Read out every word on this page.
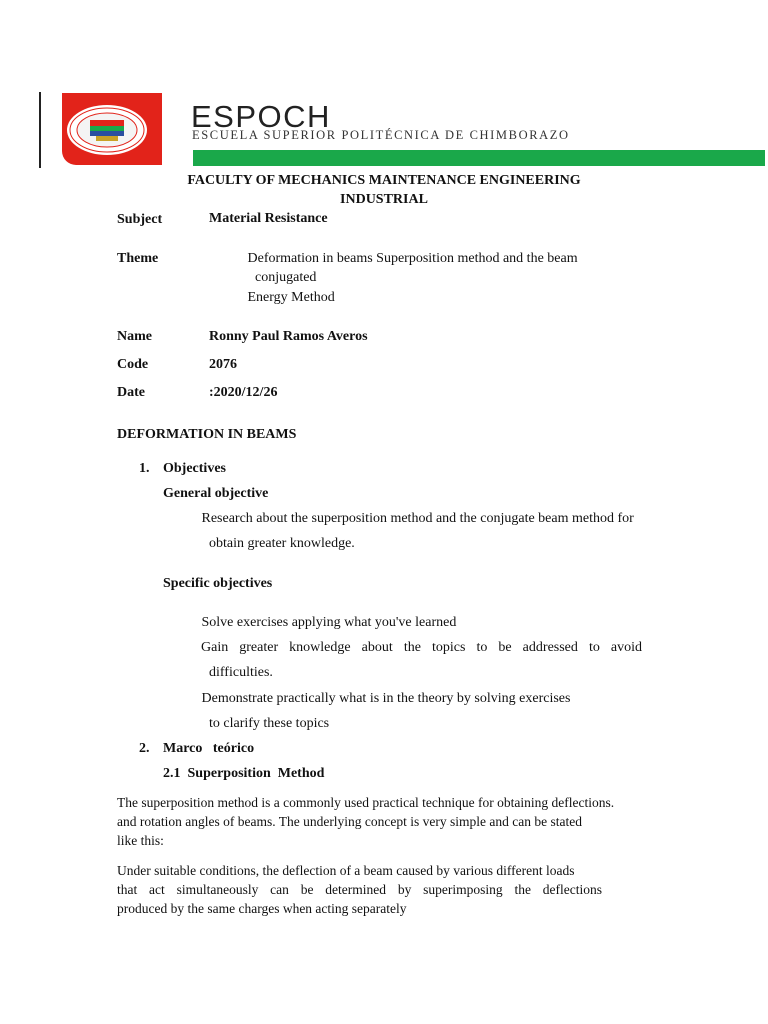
ESPOCH
ESCUELA SUPERIOR POLITÉCNICA DE CHIMBORAZO
FACULTY OF MECHANICS MAINTENANCE ENGINEERING
INDUSTRIAL
Subject	Material Resistance
Theme	Deformation in beams Superposition method and the beam
conjugated
Energy Method
Name	Ronny Paul Ramos Averos
Code	2076
Date	:2020/12/26
DEFORMATION IN BEAMS
1. Objectives
General objective
Research about the superposition method and the conjugate beam method for
obtain greater knowledge.
Specific objectives
Solve exercises applying what you've learned
Gain greater knowledge about the topics to be addressed to avoid
difficulties.
Demonstrate practically what is in the theory by solving exercises
to clarify these topics
2. Marco   teórico
2.1  Superposition  Method
The superposition method is a commonly used practical technique for obtaining deflections.
and rotation angles of beams. The underlying concept is very simple and can be stated
like this:
Under suitable conditions, the deflection of a beam caused by various different loads
that act simultaneously can be determined by superimposing the deflections
produced by the same charges when acting separately
